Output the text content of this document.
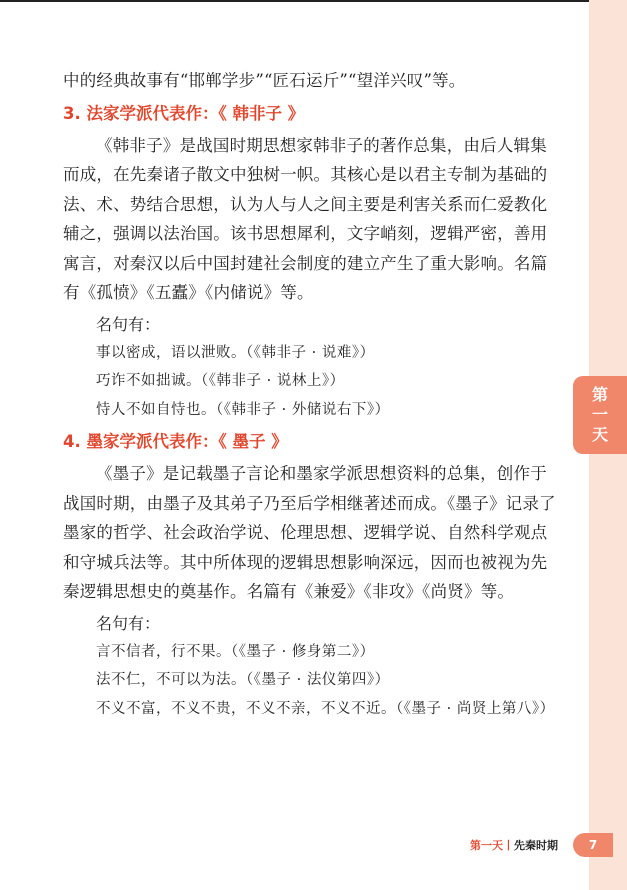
第
一
天

中的经典故事有“邯郸学步”“匠石运斤”“望洋兴叹”等。

3. 法家学派代表作：《 韩非子 》

《韩非子》是战国时期思想家韩非子的著作总集，由后人辑集而成，在先秦诸子散文中独树一帜。其核心是以君主专制为基础的法、术、势结合思想，认为人与人之间主要是利害关系而仁爱教化辅之，强调以法治国。该书思想犀利，文字峭刻，逻辑严密，善用寓言，对秦汉以后中国封建社会制度的建立产生了重大影响。名篇有《孤愤》《五蠹》《内储说》等。

名句有：

事以密成，语以泄败。（《韩非子 · 说难》）

巧诈不如拙诚。（《韩非子 · 说林上》）

恃人不如自恃也。（《韩非子 · 外储说右下》）

4. 墨家学派代表作：《 墨子 》

《墨子》是记载墨子言论和墨家学派思想资料的总集，创作于战国时期，由墨子及其弟子乃至后学相继著述而成。《墨子》记录了墨家的哲学、社会政治学说、伦理思想、逻辑学说、自然科学观点和守城兵法等。其中所体现的逻辑思想影响深远，因而也被视为先秦逻辑思想史的奠基作。名篇有《兼爱》《非攻》《尚贤》等。

名句有：

言不信者，行不果。（《墨子 · 修身第二》）

法不仁，不可以为法。（《墨子 · 法仪第四》）

不义不富，不义不贵，不义不亲，不义不近。（《墨子 · 尚贤上第八》）

第一天丨先秦时期	7
